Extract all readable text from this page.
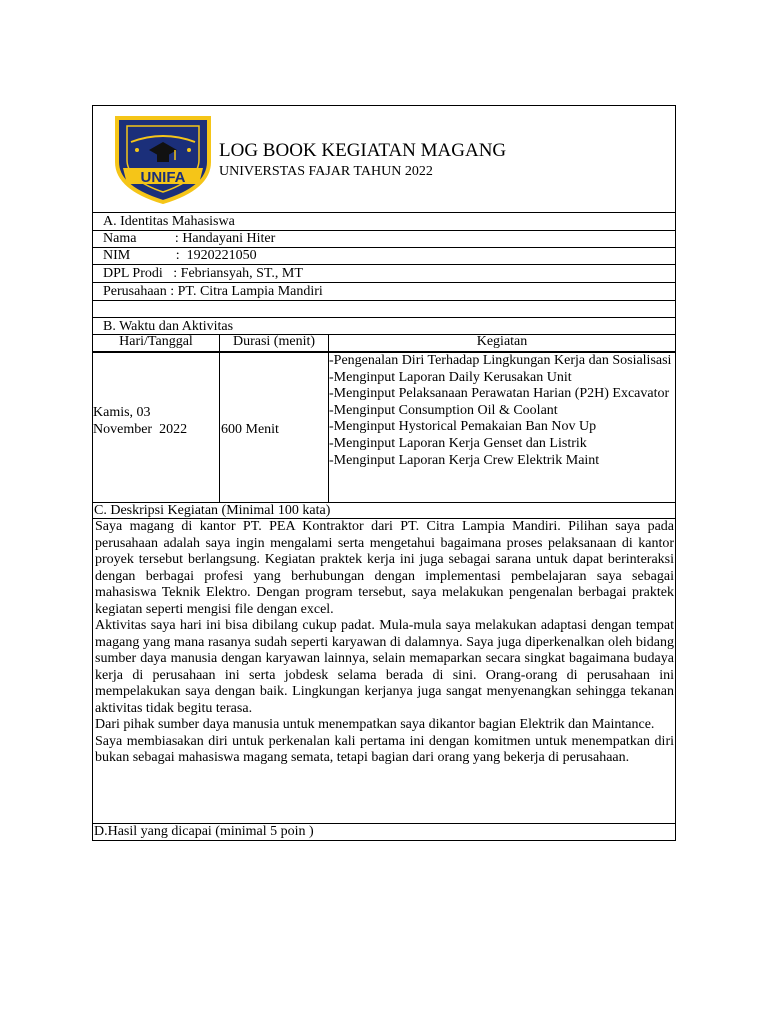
UNIFA
LOG BOOK KEGIATAN MAGANG
UNIVERSTAS FAJAR TAHUN 2022
A. Identitas Mahasiswa
Nama           : Handayani Hiter
NIM             :  1920221050
DPL Prodi   : Febriansyah, ST., MT
Perusahaan : PT. Citra Lampia Mandiri
B. Waktu dan Aktivitas
Hari/Tanggal	Durasi (menit)	Kegiatan
Kamis, 03
November  2022 600 Menit
-Pengenalan Diri Terhadap Lingkungan Kerja dan Sosialisasi
-Menginput Laporan Daily Kerusakan Unit
-Menginput Pelaksanaan Perawatan Harian (P2H) Excavator
-Menginput Consumption Oil & Coolant
-Menginput Hystorical Pemakaian Ban Nov Up
-Menginput Laporan Kerja Genset dan Listrik
-Menginput Laporan Kerja Crew Elektrik Maint
C. Deskripsi Kegiatan (Minimal 100 kata)

Saya magang di kantor PT. PEA Kontraktor dari PT. Citra Lampia Mandiri. Pilihan saya pada perusahaan adalah saya ingin mengalami serta mengetahui bagaimana proses pelaksanaan di kantor proyek tersebut berlangsung. Kegiatan praktek kerja ini juga sebagai sarana untuk dapat berinteraksi dengan berbagai profesi yang berhubungan dengan implementasi pembelajaran saya sebagai mahasiswa Teknik Elektro. Dengan program tersebut, saya melakukan pengenalan berbagai praktek kegiatan seperti mengisi file dengan excel.

Aktivitas saya hari ini bisa dibilang cukup padat. Mula-mula saya melakukan adaptasi dengan tempat magang yang mana rasanya sudah seperti karyawan di dalamnya. Saya juga diperkenalkan oleh bidang sumber daya manusia dengan karyawan lainnya, selain memaparkan secara singkat bagaimana budaya kerja di perusahaan ini serta jobdesk selama berada di sini. Orang-orang di perusahaan ini mempelakukan saya dengan baik. Lingkungan kerjanya juga sangat menyenangkan sehingga tekanan aktivitas tidak begitu terasa.

Dari pihak sumber daya manusia untuk menempatkan saya dikantor bagian Elektrik dan Maintance.

Saya membiasakan diri untuk perkenalan kali pertama ini dengan komitmen untuk menempatkan diri bukan sebagai mahasiswa magang semata, tetapi bagian dari orang yang bekerja di perusahaan.

D.Hasil yang dicapai (minimal 5 poin )
